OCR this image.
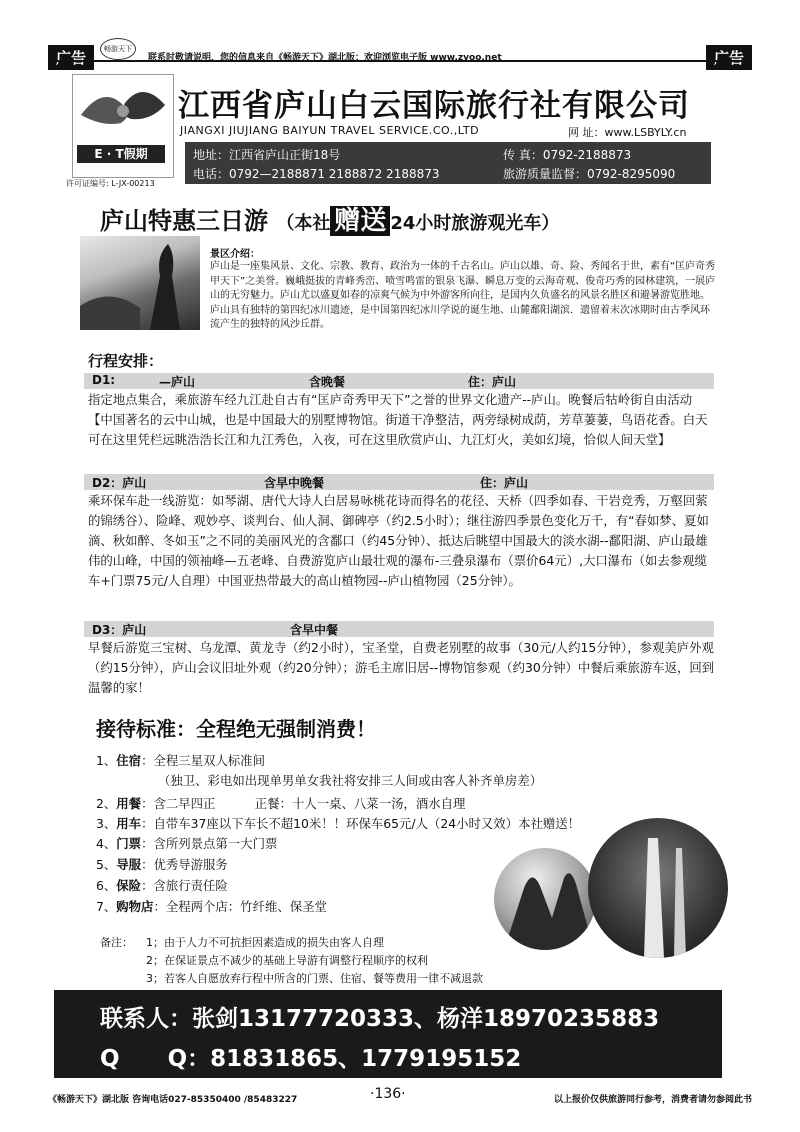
广告	畅游天下
联系时敬请说明，您的信息来自《畅游天下》湖北版；欢迎浏览电子版 www.zyoo.net	广告
E · T假期
许可证编号: L-JX-00213
江西省庐山白云国际旅行社有限公司
JIANGXI JIUJIANG BAIYUN TRAVEL SERVICE.CO.,LTD	网 址：www.LSBYLY.cn
地址：江西省庐山正街18号	传 真：0792-2188873
电话：0792—2188871 2188872 2188873	旅游质量监督：0792-8295090
庐山特惠三日游 （本社 赠送 24小时旅游观光车）
景区介绍：
庐山是一座集风景、文化、宗教、教育、政治为一体的千古名山。庐山以雄、奇、险、秀闻名于世，素有“匡庐奇秀甲天下”之美誉。巍峨挺拔的青峰秀峦、喷雪鸣雷的银泉飞瀑、瞬息万变的云海奇观、俊奇巧秀的园林建筑，一展庐山的无穷魅力。庐山尤以盛夏如春的凉爽气候为中外游客所向往，是国内久负盛名的风景名胜区和避暑游览胜地。庐山具有独特的第四纪冰川遗迹，是中国第四纪冰川学说的诞生地、山麓鄱阳湖滨．遗留着末次冰期时由古季风环流产生的独特的风沙丘群。
行程安排：
D1:	—庐山	含晚餐	住：庐山
指定地点集合，乘旅游车经九江赴自古有“匡庐奇秀甲天下”之誉的世界文化遗产--庐山。晚餐后牯岭街自由活动【中国著名的云中山城，也是中国最大的别墅博物馆。街道干净整洁，两旁绿树成荫，芳草萋萋，鸟语花香。白天可在这里凭栏远眺浩浩长江和九江秀色，入夜，可在这里欣赏庐山、九江灯火，美如幻境，恰似人间天堂】
D2：庐山	含早中晚餐	住：庐山
乘环保车赴一线游览：如琴湖、唐代大诗人白居易咏桃花诗而得名的花径、天桥（四季如春、干岩竞秀，万壑回萦的锦绣谷）、险峰、观妙亭、谈判台、仙人洞、御碑亭（约2.5小时）；继往游四季景色变化万千，有“春如梦、夏如滴、秋如醉、冬如玉”之不同的美丽风光的含鄱口（约45分钟）、抵达后眺望中国最大的淡水湖--鄱阳湖、庐山最雄伟的山峰，中国的领袖峰—五老峰、自费游览庐山最壮观的瀑布-三叠泉瀑布（票价64元）,大口瀑布（如去参观缆车+门票75元/人自理）中国亚热带最大的高山植物园--庐山植物园（25分钟）。
D3：庐山	含早中餐
早餐后游览三宝树、乌龙潭、黄龙寺（约2小时），宝圣堂，自费老别墅的故事（30元/人约15分钟），参观美庐外观（约15分钟），庐山会议旧址外观（约20分钟）；游毛主席旧居--博物馆参观（约30分钟）中餐后乘旅游车返，回到温馨的家！
接待标准：全程绝无强制消费！
1、住宿：全程三星双人标准间
（独卫、彩电如出现单男单女我社将安排三人间或由客人补齐单房差）
2、用餐：含二早四正          正餐：十人一桌、八菜一汤，酒水自理
3、用车：自带车37座以下车长不超10米！！环保车65元/人（24小时又效）本社赠送！
4、门票：含所列景点第一大门票
5、导服：优秀导游服务
6、保险：含旅行责任险
7、购物店：全程两个店：竹纤维、保圣堂
备注： 1；由于人力不可抗拒因素造成的损失由客人自理
2；在保证景点不减少的基础上导游有调整行程顺序的权利
3；若客人自愿放弃行程中所含的门票、住宿、餐等费用一律不减退款
联系人：张剑13177720333、杨洋18970235883
Q      Q：81831865、1779195152
《畅游天下》湖北版 咨询电话027-85350400 /85483227	·136·	以上报价仅供旅游同行参考，消费者请勿参阅此书
